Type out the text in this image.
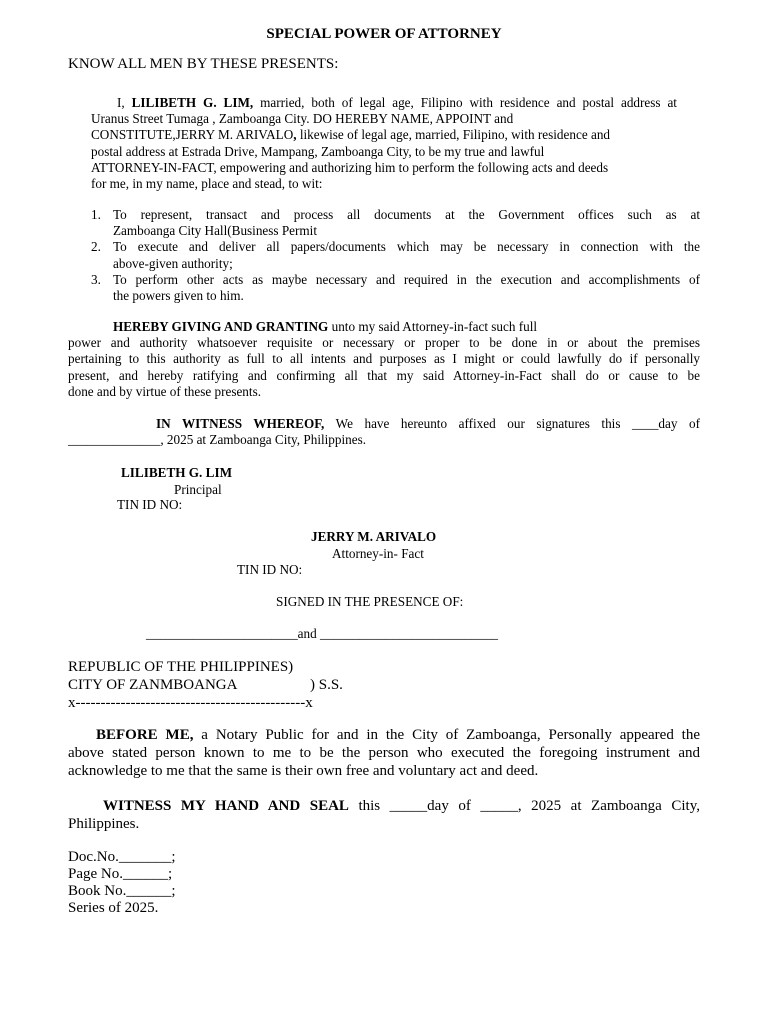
SPECIAL POWER OF ATTORNEY
KNOW ALL MEN BY THESE PRESENTS:
I, LILIBETH G. LIM, married, both of legal age, Filipino with residence and postal address at
Uranus Street Tumaga , Zamboanga City. DO HEREBY NAME, APPOINT and
CONSTITUTE,JERRY M. ARIVALO, likewise of legal age, married, Filipino, with residence and
postal address at Estrada Drive, Mampang, Zamboanga City, to be my true and lawful
ATTORNEY-IN-FACT, empowering and authorizing him to perform the following acts and deeds
for me, in my name, place and stead, to wit:
1. To represent, transact and process all documents at the Government offices such as at
Zamboanga City Hall(Business Permit
2. To execute and deliver all papers/documents which may be necessary in connection with the
above-given authority;
3. To perform other acts as maybe necessary and required in the execution and accomplishments of
the powers given to him.
HEREBY GIVING AND GRANTING unto my said Attorney-in-fact such full
power and authority whatsoever requisite or necessary or proper to be done in or about the premises
pertaining to this authority as full to all intents and purposes as I might or could lawfully do if personally
present, and hereby ratifying and confirming all that my said Attorney-in-Fact shall do or cause to be
done and by virtue of these presents.
IN WITNESS WHEREOF, We have hereunto affixed our signatures this ____day of
______________, 2025 at Zamboanga City, Philippines.
LILIBETH G. LIM
Principal
TIN ID NO:
JERRY M. ARIVALO
Attorney-in- Fact
TIN ID NO:
SIGNED IN THE PRESENCE OF:
_______________________and ___________________________
REPUBLIC OF THE PHILIPPINES)
CITY OF ZANMBOANGA	) S.S.
x----------------------------------------------x
BEFORE ME, a Notary Public for and in the City of Zamboanga, Personally appeared the
above stated person known to me to be the person who executed the foregoing instrument and
acknowledge to me that the same is their own free and voluntary act and deed.
WITNESS MY HAND AND SEAL this _____day of _____, 2025 at Zamboanga City,
Philippines.
Doc.No._______;
Page No.______;
Book No.______;
Series of 2025.
